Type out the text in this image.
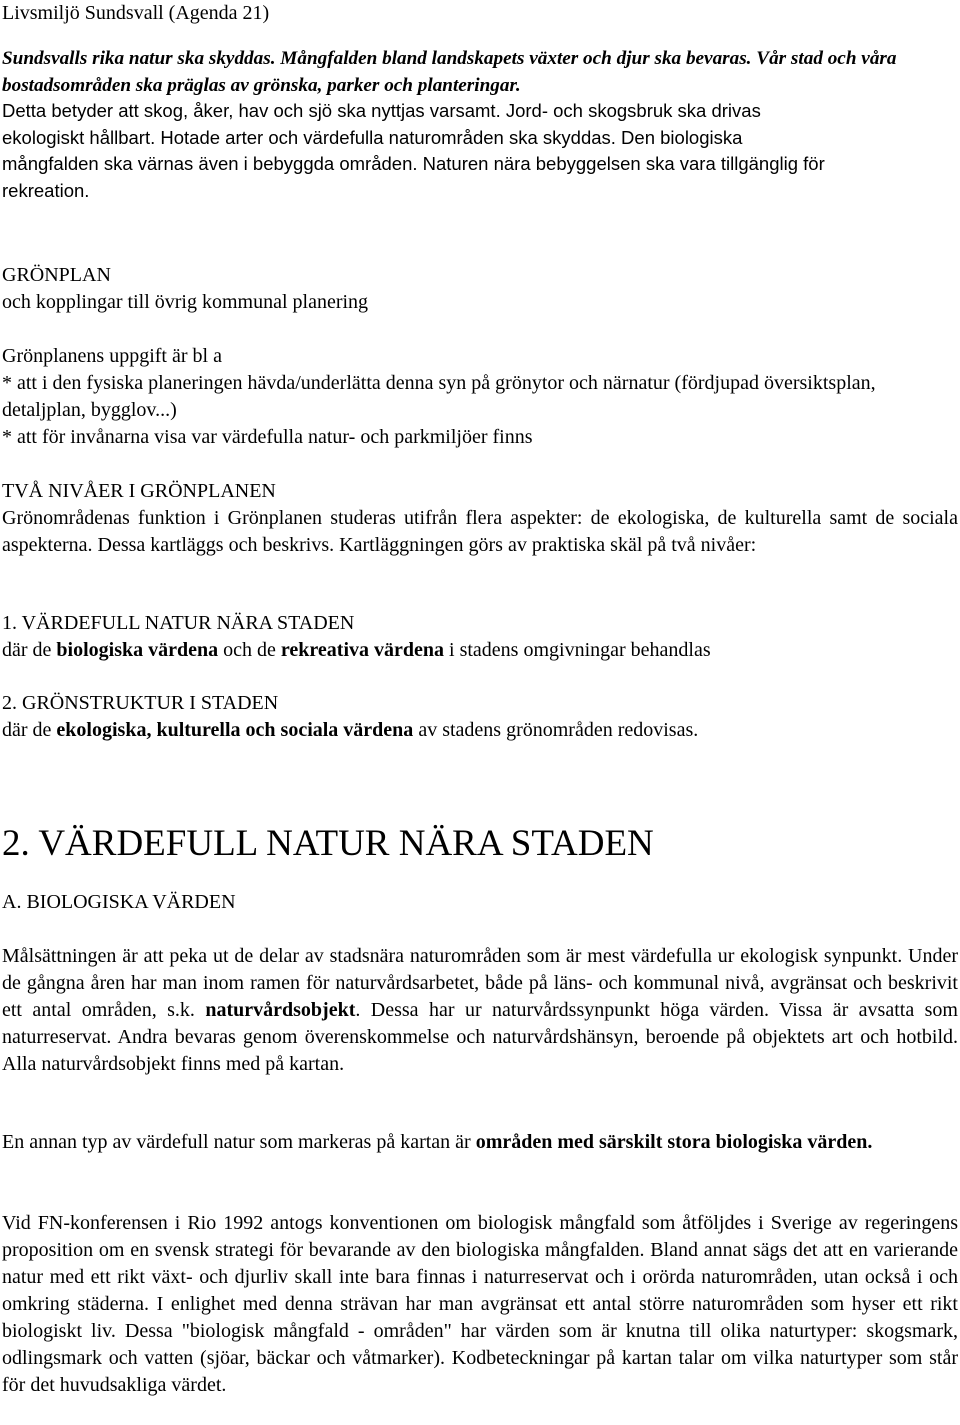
Livsmiljö Sundsvall (Agenda 21)

Sundsvalls rika natur ska skyddas. Mångfalden bland landskapets växter och djur ska bevaras. Vår stad och våra bostadsområden ska präglas av grönska, parker och planteringar.

Detta betyder att skog, åker, hav och sjö ska nyttjas varsamt. Jord- och skogsbruk ska drivas
ekologiskt hållbart. Hotade arter och värdefulla naturområden ska skyddas. Den biologiska
mångfalden ska värnas även i bebyggda områden. Naturen nära bebyggelsen ska vara tillgänglig för
rekreation.

GRÖNPLAN

och kopplingar till övrig kommunal planering

Grönplanens uppgift är bl a

* att i den fysiska planeringen hävda/underlätta denna syn på grönytor och närnatur (fördjupad översiktsplan, detaljplan, bygglov...)

* att för invånarna visa var värdefulla natur- och parkmiljöer finns

TVÅ NIVÅER I GRÖNPLANEN

Grönområdenas funktion i Grönplanen studeras utifrån flera aspekter: de ekologiska, de kulturella samt de sociala aspekterna. Dessa kartläggs och beskrivs. Kartläggningen görs av praktiska skäl på två nivåer:

1. VÄRDEFULL NATUR NÄRA STADEN

där de biologiska värdena och de rekreativa värdena i stadens omgivningar behandlas

2. GRÖNSTRUKTUR I STADEN

där de ekologiska, kulturella och sociala värdena av stadens grönområden redovisas.

2. VÄRDEFULL NATUR NÄRA STADEN

A. BIOLOGISKA VÄRDEN

Målsättningen är att peka ut de delar av stadsnära naturområden som är mest värdefulla ur ekologisk synpunkt. Under de gångna åren har man inom ramen för naturvårdsarbetet, både på läns- och kommunal nivå, avgränsat och beskrivit ett antal områden, s.k. naturvårdsobjekt. Dessa har ur naturvårdssynpunkt höga värden. Vissa är avsatta som naturreservat. Andra bevaras genom överenskommelse och naturvårdshänsyn, beroende på objektets art och hotbild. Alla naturvårdsobjekt finns med på kartan.

En annan typ av värdefull natur som markeras på kartan är områden med särskilt stora biologiska värden.

Vid FN-konferensen i Rio 1992 antogs konventionen om biologisk mångfald som åtföljdes i Sverige av regeringens proposition om en svensk strategi för bevarande av den biologiska mångfalden. Bland annat sägs det att en varierande natur med ett rikt växt- och djurliv skall inte bara finnas i naturreservat och i orörda naturområden, utan också i och omkring städerna. I enlighet med denna strävan har man avgränsat ett antal större naturområden som hyser ett rikt biologiskt liv. Dessa "biologisk mångfald - områden" har värden som är knutna till olika naturtyper: skogsmark, odlingsmark och vatten (sjöar, bäckar och våtmarker). Kodbeteckningar på kartan talar om vilka naturtyper som står för det huvudsakliga värdet.
